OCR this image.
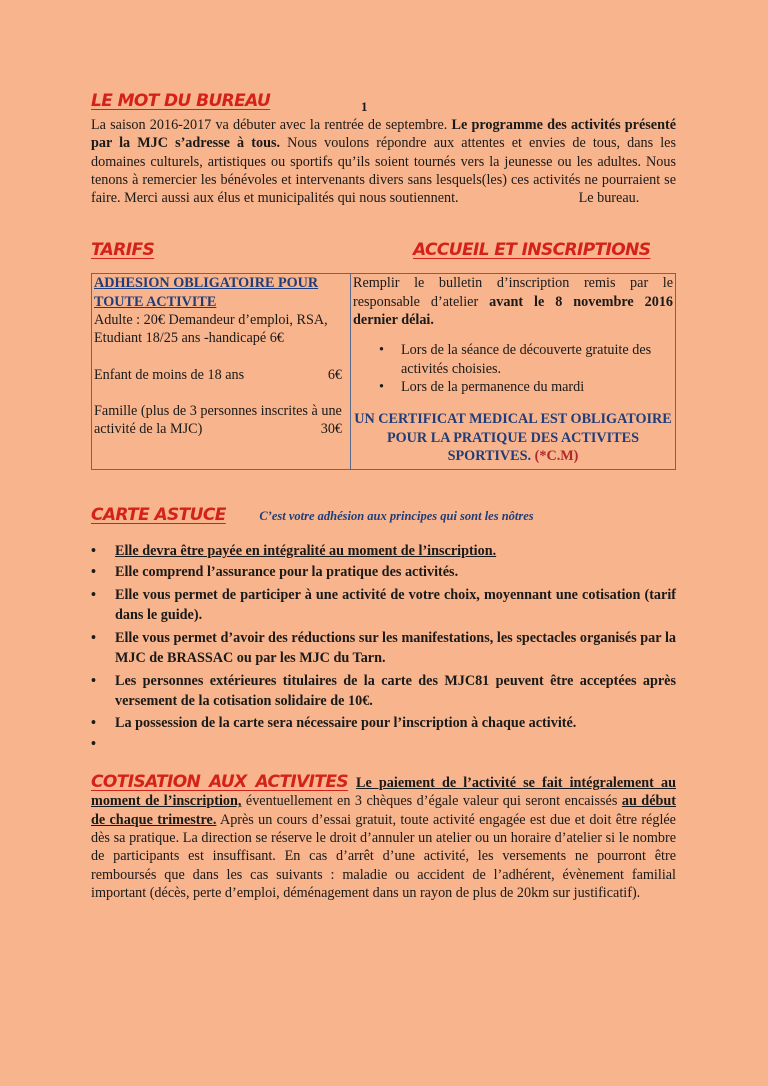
LE MOT DU BUREAU	1

La saison 2016-2017 va débuter avec la rentrée de septembre. Le programme des activités présenté par la MJC s’adresse à tous. Nous voulons répondre aux attentes et envies de tous, dans les domaines culturels, artistiques ou sportifs qu’ils soient tournés vers la jeunesse ou les adultes. Nous tenons à remercier les bénévoles et intervenants divers sans lesquels(les) ces activités ne pourraient se faire. Merci aussi aux élus et municipalités qui nous soutiennent.	Le bureau.

TARIFS	ACCUEIL ET INSCRIPTIONS
ADHESION OBLIGATOIRE POUR TOUTE ACTIVITE
Adulte : 20€ Demandeur d’emploi, RSA, Etudiant 18/25 ans -handicapé 6€
Enfant de moins de 18 ans	6€
Famille (plus de 3 personnes inscrites à une activité de la MJC)	30€

Remplir le bulletin d’inscription remis par le responsable d’atelier avant le 8 novembre 2016 dernier délai.
• Lors de la séance de découverte gratuite des activités choisies.
• Lors de la permanence du mardi
UN CERTIFICAT MEDICAL EST OBLIGATOIRE POUR LA PRATIQUE DES ACTIVITES SPORTIVES. (*C.M)
CARTE ASTUCE	C’est votre adhésion aux principes qui sont les nôtres
• Elle devra être payée en intégralité au moment de l’inscription.
• Elle comprend l’assurance pour la pratique des activités.
• Elle vous permet de participer à une activité de votre choix, moyennant une cotisation (tarif dans le guide).
• Elle vous permet d’avoir des réductions sur les manifestations, les spectacles organisés par la MJC de BRASSAC ou par les MJC du Tarn.
• Les personnes extérieures titulaires de la carte des MJC81 peuvent être acceptées après versement de la cotisation solidaire de 10€.
• La possession de la carte sera nécessaire pour l’inscription à chaque activité.
•

COTISATION AUX ACTIVITES Le paiement de l’activité se fait intégralement au moment de l’inscription, éventuellement en 3 chèques d’égale valeur qui seront encaissés au début de chaque trimestre. Après un cours d’essai gratuit, toute activité engagée est due et doit être réglée dès sa pratique. La direction se réserve le droit d’annuler un atelier ou un horaire d’atelier si le nombre de participants est insuffisant. En cas d’arrêt d’une activité, les versements ne pourront être remboursés que dans les cas suivants : maladie ou accident de l’adhérent, évènement familial important (décès, perte d’emploi, déménagement dans un rayon de plus de 20km sur justificatif).
